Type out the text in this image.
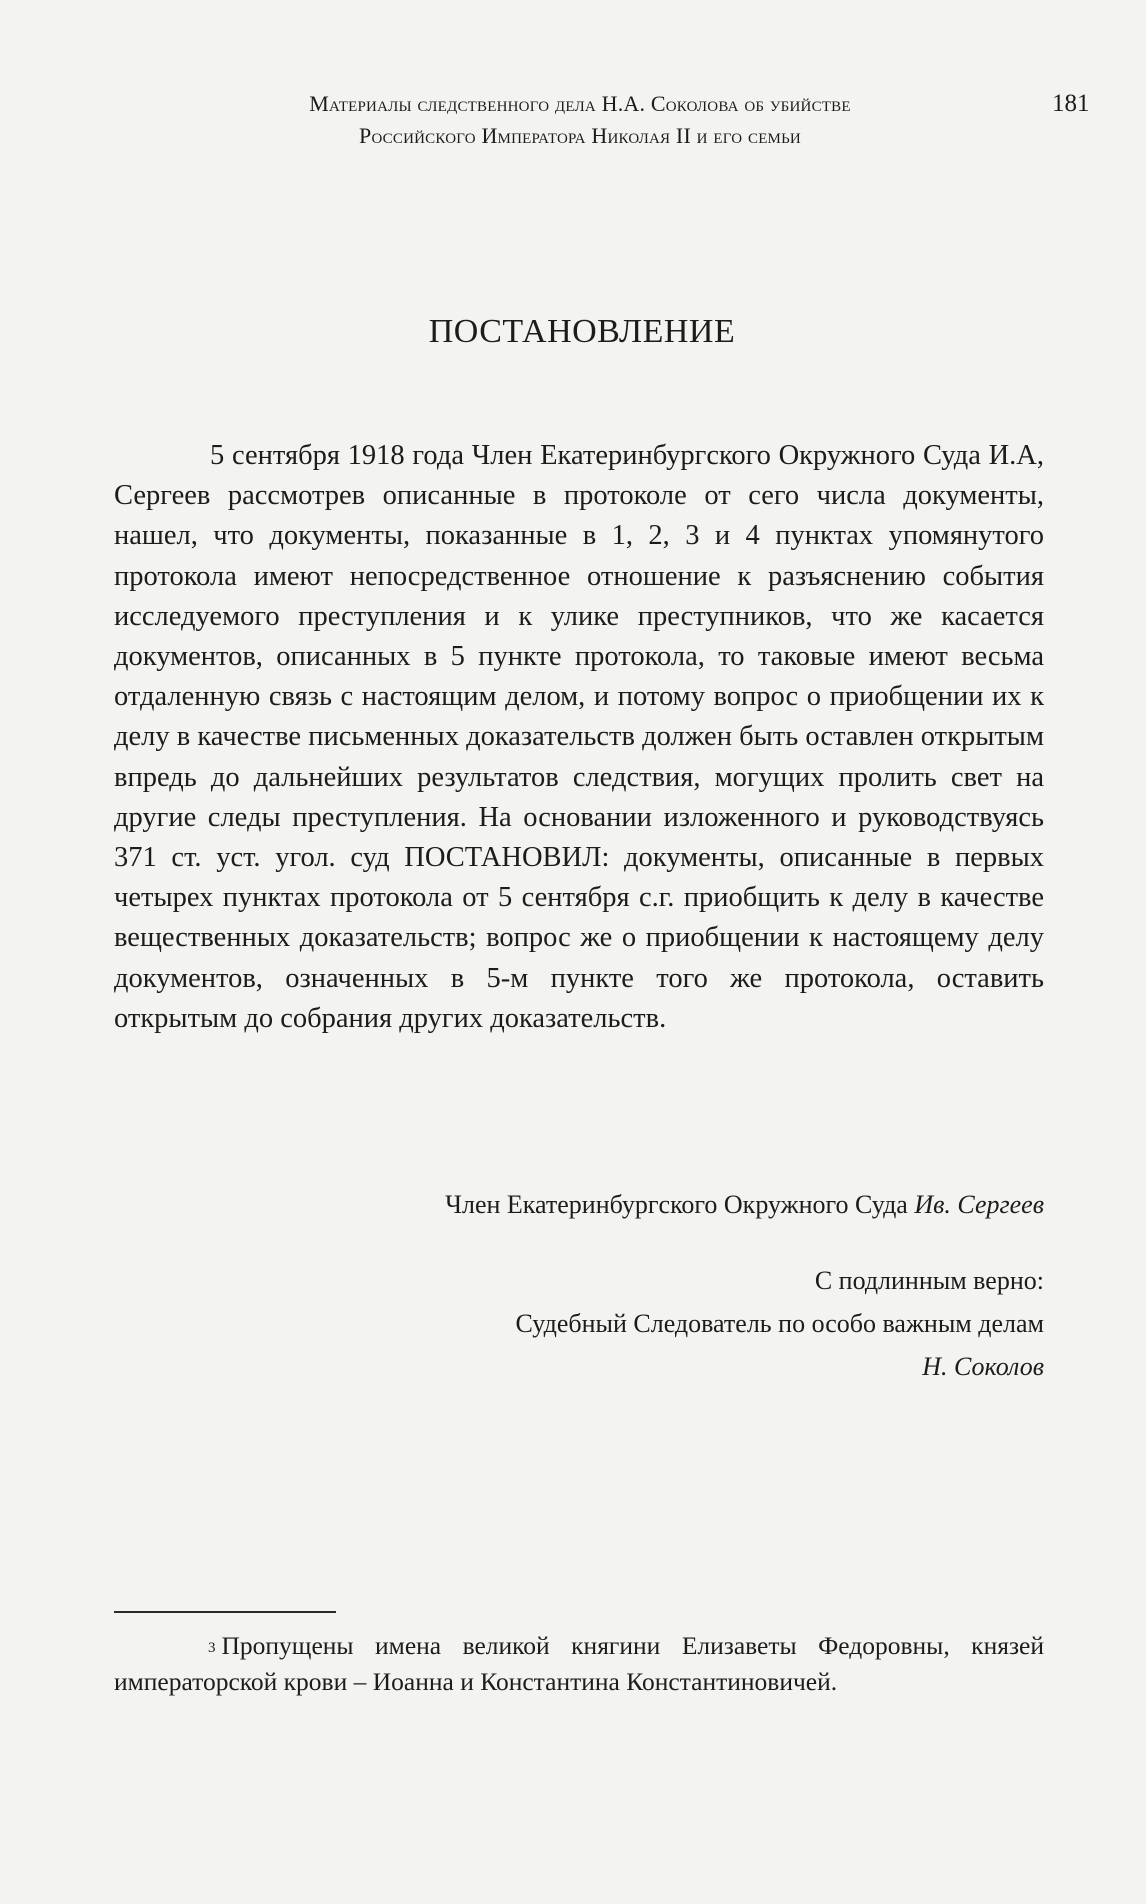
Материалы следственного дела Н.А. Соколова об убийстве
Российского Императора Николая II и его семьи
181
ПОСТАНОВЛЕНИЕ

5 сентября 1918 года Член Екатеринбургского Окружного Суда И.А, Сергеев рассмотрев описанные в протоколе от сего числа документы, нашел, что документы, показанные в 1, 2, 3 и 4 пунктах упомянутого протокола имеют непосредственное отношение к разъяснению события исследуемого преступления и к улике преступников, что же касается документов, описанных в 5 пункте протокола, то таковые имеют весьма отдаленную связь с настоящим делом, и потому вопрос о приобщении их к делу в качестве письменных доказательств должен быть оставлен открытым впредь до дальнейших результатов следствия, могущих пролить свет на другие следы преступления. На основании изложенного и руководствуясь 371 ст. уст. угол. суд ПОСТАНОВИЛ: документы, описанные в первых четырех пунктах протокола от 5 сентября с.г. приобщить к делу в качестве вещественных доказательств; вопрос же о приобщении к настоящему делу документов, означенных в 5-м пункте того же протокола, оставить открытым до собрания других доказательств.

Член Екатеринбургского Окружного Суда Ив. Сергеев

С подлинным верно:

Судебный Следователь по особо важным делам

Н. Соколов

$^3$ Пропущены имена великой княгини Елизаветы Федоровны, князей императорской крови – Иоанна и Константина Константиновичей.
